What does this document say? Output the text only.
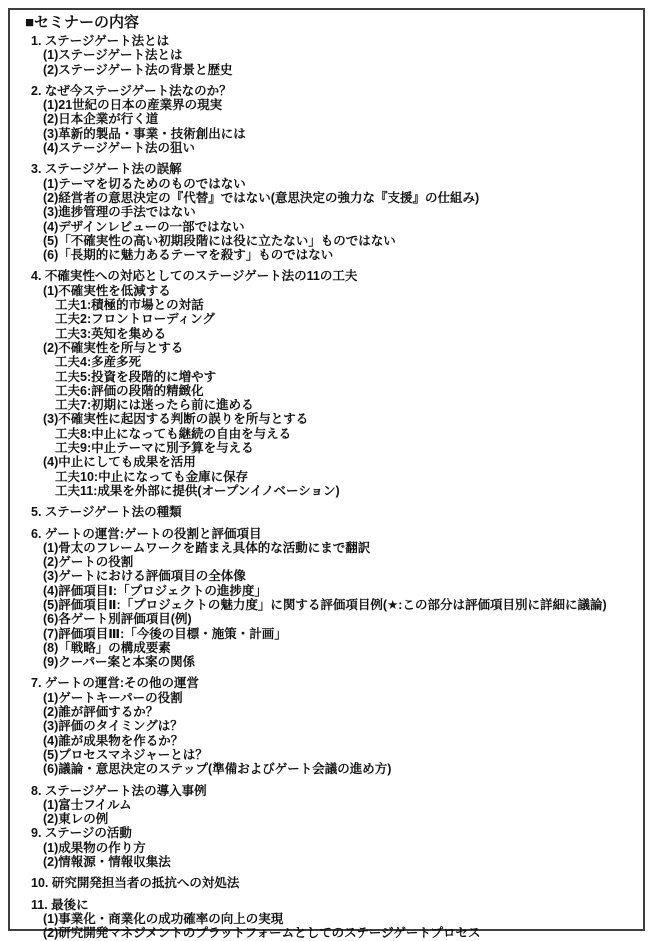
■セミナーの内容
1. ステージゲート法とは
(1)ステージゲート法とは
(2)ステージゲート法の背景と歴史
2. なぜ今ステージゲート法なのか？
(1)21世紀の日本の産業界の現実
(2)日本企業が行く道
(3)革新的製品・事業・技術創出には
(4)ステージゲート法の狙い
3. ステージゲート法の誤解
(1)テーマを切るためのものではない
(2)経営者の意思決定の『代替』ではない(意思決定の強力な『支援』の仕組み)
(3)進捗管理の手法ではない
(4)デザインレビューの一部ではない
(5)「不確実性の高い初期段階には役に立たない」ものではない
(6)「長期的に魅力あるテーマを殺す」ものではない
4. 不確実性への対応としてのステージゲート法の11の工夫
(1)不確実性を低減する
工夫1:積極的市場との対話
工夫2:フロントローディング
工夫3:英知を集める
(2)不確実性を所与とする
工夫4:多産多死
工夫5:投資を段階的に増やす
工夫6:評価の段階的精緻化
工夫7:初期には迷ったら前に進める
(3)不確実性に起因する判断の誤りを所与とする
工夫8:中止になっても継続の自由を与える
工夫9:中止テーマに別予算を与える
(4)中止にしても成果を活用
工夫10:中止になっても金庫に保存
工夫11:成果を外部に提供(オープンイノベーション)
5. ステージゲート法の種類
6. ゲートの運営:ゲートの役割と評価項目
(1)骨太のフレームワークを踏まえ具体的な活動にまで翻訳
(2)ゲートの役割
(3)ゲートにおける評価項目の全体像
(4)評価項目Ⅰ:「プロジェクトの進捗度」
(5)評価項目Ⅱ:「プロジェクトの魅力度」に関する評価項目例(★:この部分は評価項目別に詳細に議論)
(6)各ゲート別評価項目(例)
(7)評価項目Ⅲ:「今後の目標・施策・計画」
(8)「戦略」の構成要素
(9)クーパー案と本案の関係
7. ゲートの運営:その他の運営
(1)ゲートキーパーの役割
(2)誰が評価するか？
(3)評価のタイミングは？
(4)誰が成果物を作るか？
(5)プロセスマネジャーとは？
(6)議論・意思決定のステップ(準備およびゲート会議の進め方)
8. ステージゲート法の導入事例
(1)富士フイルム
(2)東レの例
9. ステージの活動
(1)成果物の作り方
(2)情報源・情報収集法
10. 研究開発担当者の抵抗への対処法
11. 最後に
(1)事業化・商業化の成功確率の向上の実現
(2)研究開発マネジメントのプラットフォームとしてのステージゲートプロセス
